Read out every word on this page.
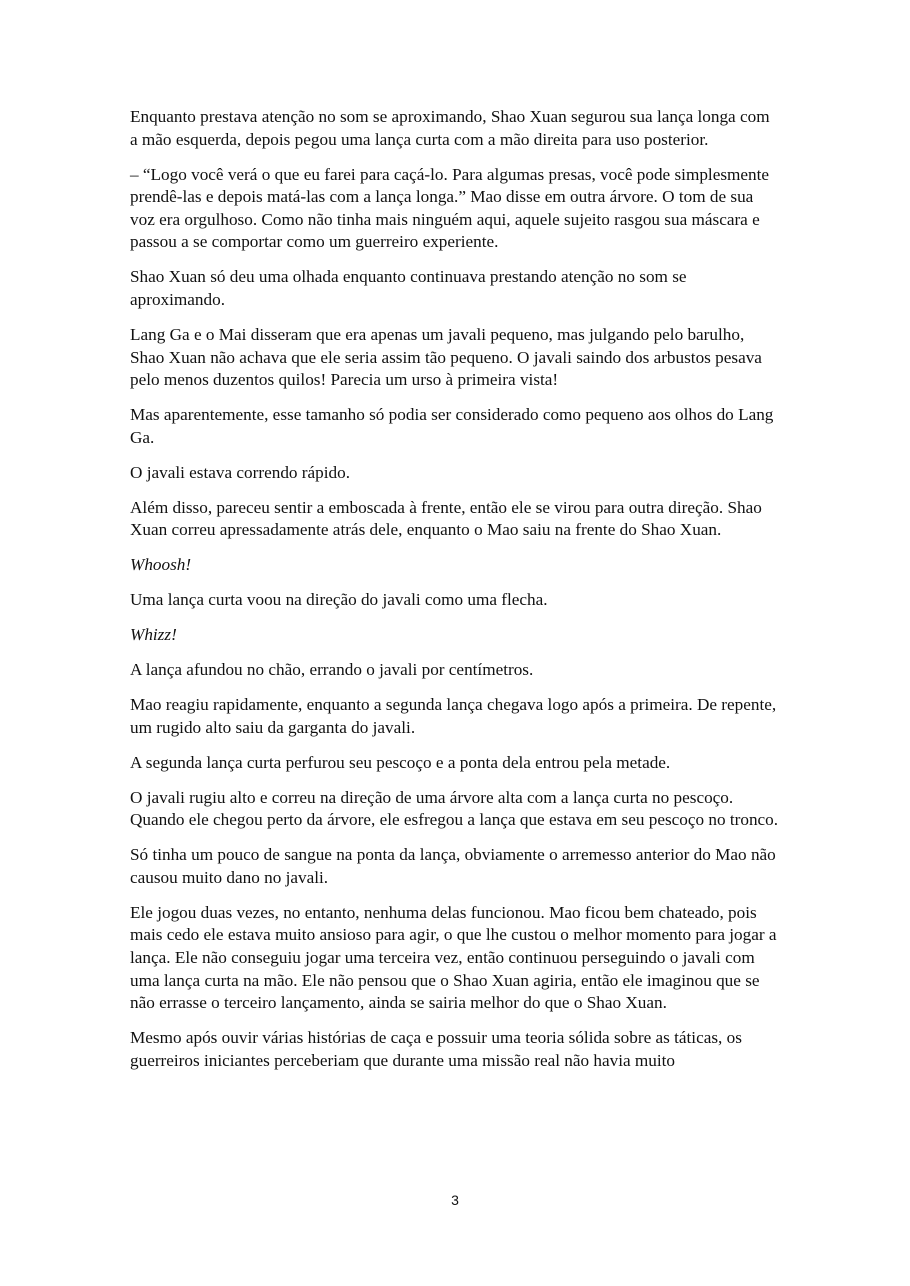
Enquanto prestava atenção no som se aproximando, Shao Xuan segurou sua lança longa com a mão esquerda, depois pegou uma lança curta com a mão direita para uso posterior.

– “Logo você verá o que eu farei para caçá-lo. Para algumas presas, você pode simplesmente prendê-las e depois matá-las com a lança longa.” Mao disse em outra árvore. O tom de sua voz era orgulhoso. Como não tinha mais ninguém aqui, aquele sujeito rasgou sua máscara e passou a se comportar como um guerreiro experiente.

Shao Xuan só deu uma olhada enquanto continuava prestando atenção no som se aproximando.

Lang Ga e o Mai disseram que era apenas um javali pequeno, mas julgando pelo barulho, Shao Xuan não achava que ele seria assim tão pequeno. O javali saindo dos arbustos pesava pelo menos duzentos quilos! Parecia um urso à primeira vista!

Mas aparentemente, esse tamanho só podia ser considerado como pequeno aos olhos do Lang Ga.

O javali estava correndo rápido.

Além disso, pareceu sentir a emboscada à frente, então ele se virou para outra direção. Shao Xuan correu apressadamente atrás dele, enquanto o Mao saiu na frente do Shao Xuan.

Whoosh!

Uma lança curta voou na direção do javali como uma flecha.

Whizz!

A lança afundou no chão, errando o javali por centímetros.

Mao reagiu rapidamente, enquanto a segunda lança chegava logo após a primeira. De repente, um rugido alto saiu da garganta do javali.

A segunda lança curta perfurou seu pescoço e a ponta dela entrou pela metade.

O javali rugiu alto e correu na direção de uma árvore alta com a lança curta no pescoço. Quando ele chegou perto da árvore, ele esfregou a lança que estava em seu pescoço no tronco.

Só tinha um pouco de sangue na ponta da lança, obviamente o arremesso anterior do Mao não causou muito dano no javali.

Ele jogou duas vezes, no entanto, nenhuma delas funcionou. Mao ficou bem chateado, pois mais cedo ele estava muito ansioso para agir, o que lhe custou o melhor momento para jogar a lança. Ele não conseguiu jogar uma terceira vez, então continuou perseguindo o javali com uma lança curta na mão. Ele não pensou que o Shao Xuan agiria, então ele imaginou que se não errasse o terceiro lançamento, ainda se sairia melhor do que o Shao Xuan.

Mesmo após ouvir várias histórias de caça e possuir uma teoria sólida sobre as táticas, os guerreiros iniciantes perceberiam que durante uma missão real não havia muito

3
